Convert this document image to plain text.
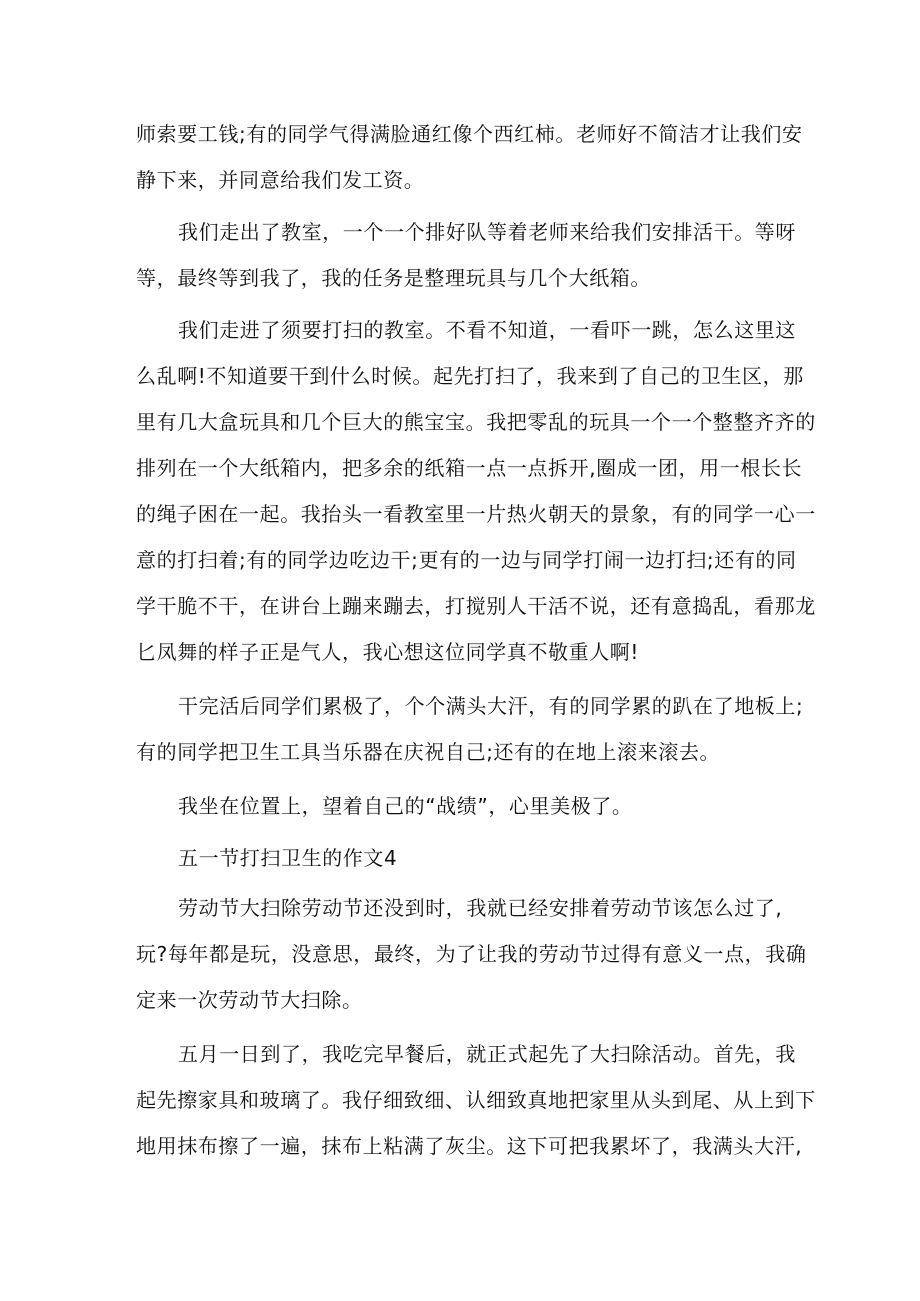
师索要工钱;有的同学气得满脸通红像个西红柿。老师好不简洁才让我们安
静下来，并同意给我们发工资。
我们走出了教室，一个一个排好队等着老师来给我们安排活干。等呀
等，最终等到我了，我的任务是整理玩具与几个大纸箱。
我们走进了须要打扫的教室。不看不知道，一看吓一跳，怎么这里这
么乱啊!不知道要干到什么时候。起先打扫了，我来到了自己的卫生区，那
里有几大盒玩具和几个巨大的熊宝宝。我把零乱的玩具一个一个整整齐齐的
排列在一个大纸箱内，把多余的纸箱一点一点拆开,圈成一团，用一根长长
的绳子困在一起。我抬头一看教室里一片热火朝天的景象，有的同学一心一
意的打扫着;有的同学边吃边干;更有的一边与同学打闹一边打扫;还有的同
学干脆不干，在讲台上蹦来蹦去，打搅别人干活不说，还有意捣乱，看那龙
匕凤舞的样子正是气人，我心想这位同学真不敬重人啊!
干完活后同学们累极了，个个满头大汗，有的同学累的趴在了地板上;
有的同学把卫生工具当乐器在庆祝自己;还有的在地上滚来滚去。
我坐在位置上，望着自己的“战绩”，心里美极了。
五一节打扫卫生的作文4
劳动节大扫除劳动节还没到时，我就已经安排着劳动节该怎么过了,
玩?每年都是玩，没意思，最终，为了让我的劳动节过得有意义一点，我确
定来一次劳动节大扫除。
五月一日到了，我吃完早餐后，就正式起先了大扫除活动。首先，我
起先擦家具和玻璃了。我仔细致细、认细致真地把家里从头到尾、从上到下
地用抹布擦了一遍，抹布上粘满了灰尘。这下可把我累坏了，我满头大汗,
